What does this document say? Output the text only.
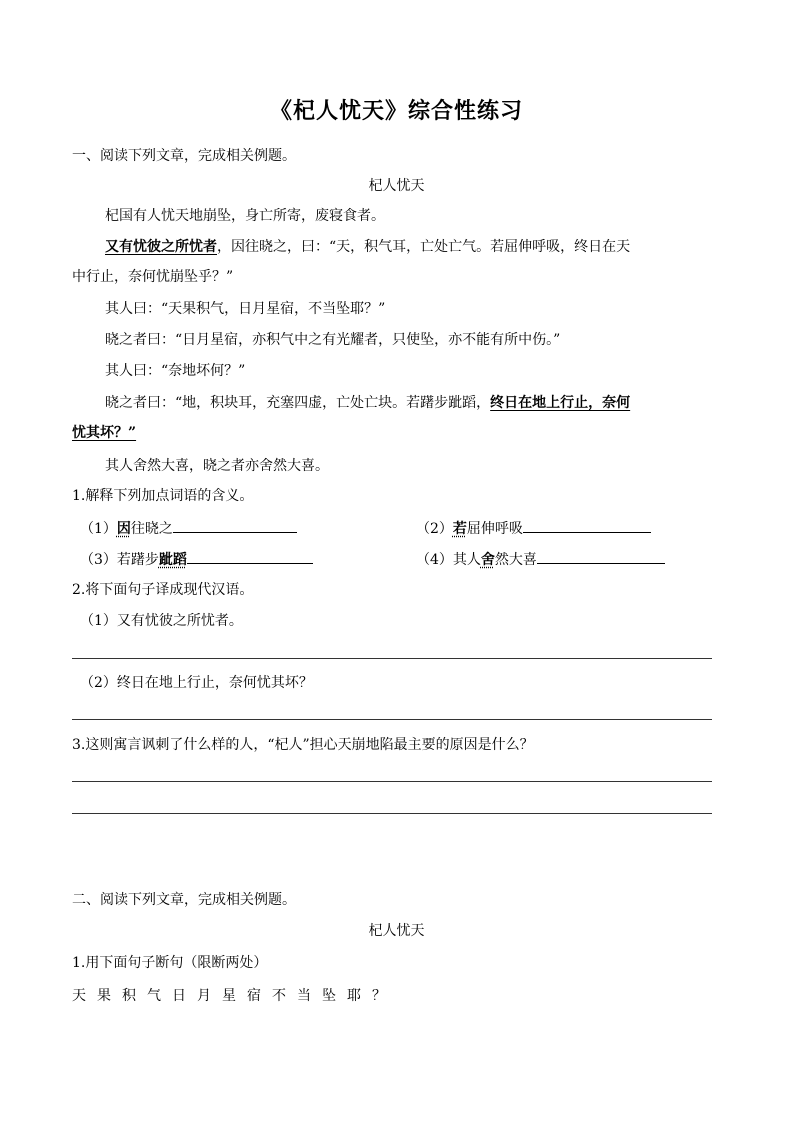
《杞人忧天》综合性练习
一、阅读下列文章，完成相关例题。
杞人忧天
杞国有人忧天地崩坠，身亡所寄，废寝食者。
又有忧彼之所忧者，因往晓之，曰：“天，积气耳，亡处亡气。若屈伸呼吸，终日在天
中行止，奈何忧崩坠乎？”
其人曰：“天果积气，日月星宿，不当坠耶？”
晓之者曰：“日月星宿，亦积气中之有光耀者，只使坠，亦不能有所中伤。”
其人曰：“奈地坏何？”
晓之者曰：“地，积块耳，充塞四虚，亡处亡块。若躇步跐蹈，终日在地上行止，奈何
忧其坏？”
其人舍然大喜，晓之者亦舍然大喜。
1.解释下列加点词语的含义。
（1）因往晓之	（2）若屈伸呼吸
（3）若躇步跐蹈	（4）其人舍然大喜
2.将下面句子译成现代汉语。
（1）又有忧彼之所忧者。
（2）终日在地上行止，奈何忧其坏？
3.这则寓言讽刺了什么样的人，“杞人”担心天崩地陷最主要的原因是什么？
二、阅读下列文章，完成相关例题。
杞人忧天
1.用下面句子断句（限断两处）
天果积气日月星宿不当坠耶？
